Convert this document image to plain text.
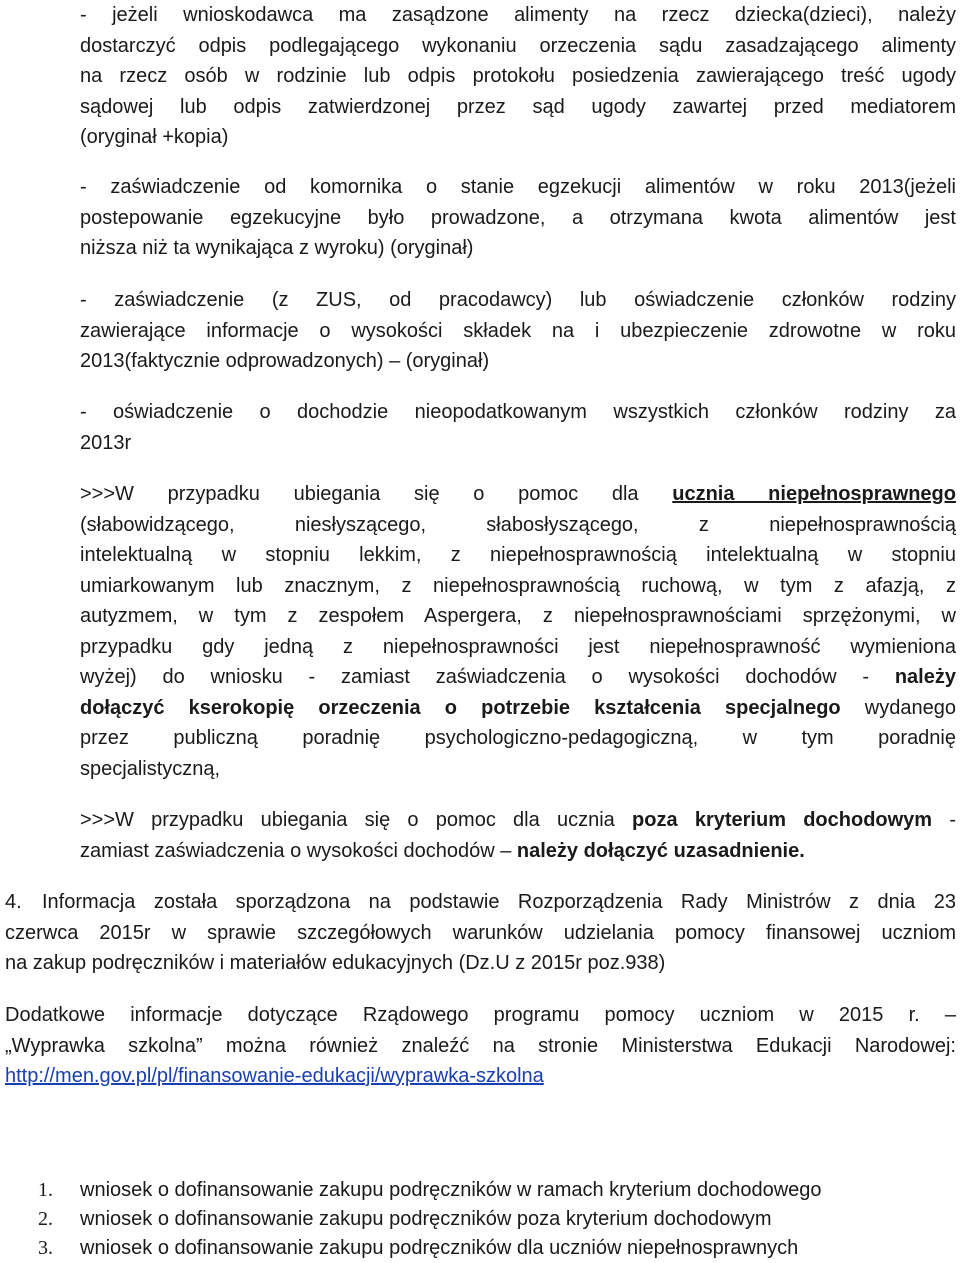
- jeżeli wnioskodawca ma zasądzone alimenty na rzecz dziecka(dzieci), należy
dostarczyć odpis podlegającego wykonaniu orzeczenia sądu zasadzającego alimenty
na rzecz osób w rodzinie lub odpis protokołu posiedzenia zawierającego treść ugody
sądowej lub odpis zatwierdzonej przez sąd ugody zawartej przed mediatorem
(oryginał +kopia)
- zaświadczenie od komornika o stanie egzekucji alimentów w roku 2013(jeżeli
postepowanie egzekucyjne było prowadzone, a otrzymana kwota alimentów jest
niższa niż ta wynikająca z wyroku) (oryginał)
- zaświadczenie (z ZUS, od pracodawcy) lub oświadczenie członków rodziny
zawierające informacje o wysokości składek na i ubezpieczenie zdrowotne w roku
2013(faktycznie odprowadzonych) – (oryginał)
- oświadczenie o dochodzie nieopodatkowanym wszystkich członków rodziny za
2013r
>>>W przypadku ubiegania się o pomoc dla ucznia niepełnosprawnego
(słabowidzącego, niesłyszącego, słabosłyszącego, z niepełnosprawnością
intelektualną w stopniu lekkim, z niepełnosprawnością intelektualną w stopniu
umiarkowanym lub znacznym, z niepełnosprawnością ruchową, w tym z afazją, z
autyzmem, w tym z zespołem Aspergera, z niepełnosprawnościami sprzężonymi, w
przypadku gdy jedną z niepełnosprawności jest niepełnosprawność wymieniona
wyżej) do wniosku - zamiast zaświadczenia o wysokości dochodów - należy
dołączyć kserokopię orzeczenia o potrzebie kształcenia specjalnego wydanego
przez publiczną poradnię psychologiczno-pedagogiczną, w tym poradnię
specjalistyczną,
>>>W przypadku ubiegania się o pomoc dla ucznia poza kryterium dochodowym -
zamiast zaświadczenia o wysokości dochodów – należy dołączyć uzasadnienie.
4. Informacja została sporządzona na podstawie Rozporządzenia Rady Ministrów z dnia 23
czerwca 2015r w sprawie szczegółowych warunków udzielania pomocy finansowej uczniom
na zakup podręczników i materiałów edukacyjnych (Dz.U z 2015r poz.938)
Dodatkowe informacje dotyczące Rządowego programu pomocy uczniom w 2015 r. –
„Wyprawka szkolna” można również znaleźć na stronie Ministerstwa Edukacji Narodowej:
http://men.gov.pl/pl/finansowanie-edukacji/wyprawka-szkolna
1. wniosek o dofinansowanie zakupu podręczników w ramach kryterium dochodowego
2. wniosek o dofinansowanie zakupu podręczników poza kryterium dochodowym
3. wniosek o dofinansowanie zakupu podręczników dla uczniów niepełnosprawnych
